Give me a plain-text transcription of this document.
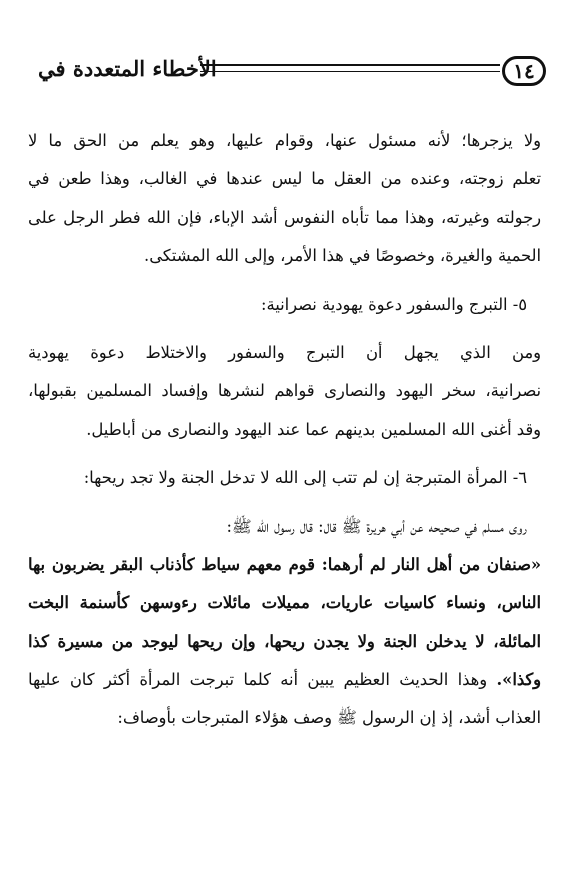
١٤
الأخطاء المتعددة في
ولا يزجرها؛ لأنه مسئول عنها، وقوام عليها، وهو يعلم من الحق ما لا
تعلم زوجته، وعنده من العقل ما ليس عندها في الغالب، وهذا طعن في
رجولته وغيرته، وهذا مما تأباه النفوس أشد الإباء، فإن الله فطر الرجل على
الحمية والغيرة، وخصوصًا في هذا الأمر، وإلى الله المشتكى.
٥- التبرج والسفور دعوة يهودية نصرانية:
ومن الذي يجهل أن التبرج والسفور والاختلاط دعوة يهودية
نصرانية، سخر اليهود والنصارى قواهم لنشرها وإفساد المسلمين بقبولها،
وقد أغنى الله المسلمين بدينهم عما عند اليهود والنصارى من أباطيل.
٦- المرأة المتبرجة إن لم تتب إلى الله لا تدخل الجنة ولا تجد ريحها:
روى مسلم في صحيحه عن أبي هريرة ﷺ قال: قال رسول الله ﷺ:
«صنفان من أهل النار لم أرهما: قوم معهم سياط كأذناب البقر يضربون بها
الناس، ونساء كاسيات عاريات، مميلات مائلات رءوسهن كأسنمة البخت
المائلة، لا يدخلن الجنة ولا يجدن ريحها، وإن ريحها ليوجد من مسيرة كذا
وكذا». وهذا الحديث العظيم يبين أنه كلما تبرجت المرأة أكثر كان عليها
العذاب أشد، إذ إن الرسول ﷺ وصف هؤلاء المتبرجات بأوصاف:
